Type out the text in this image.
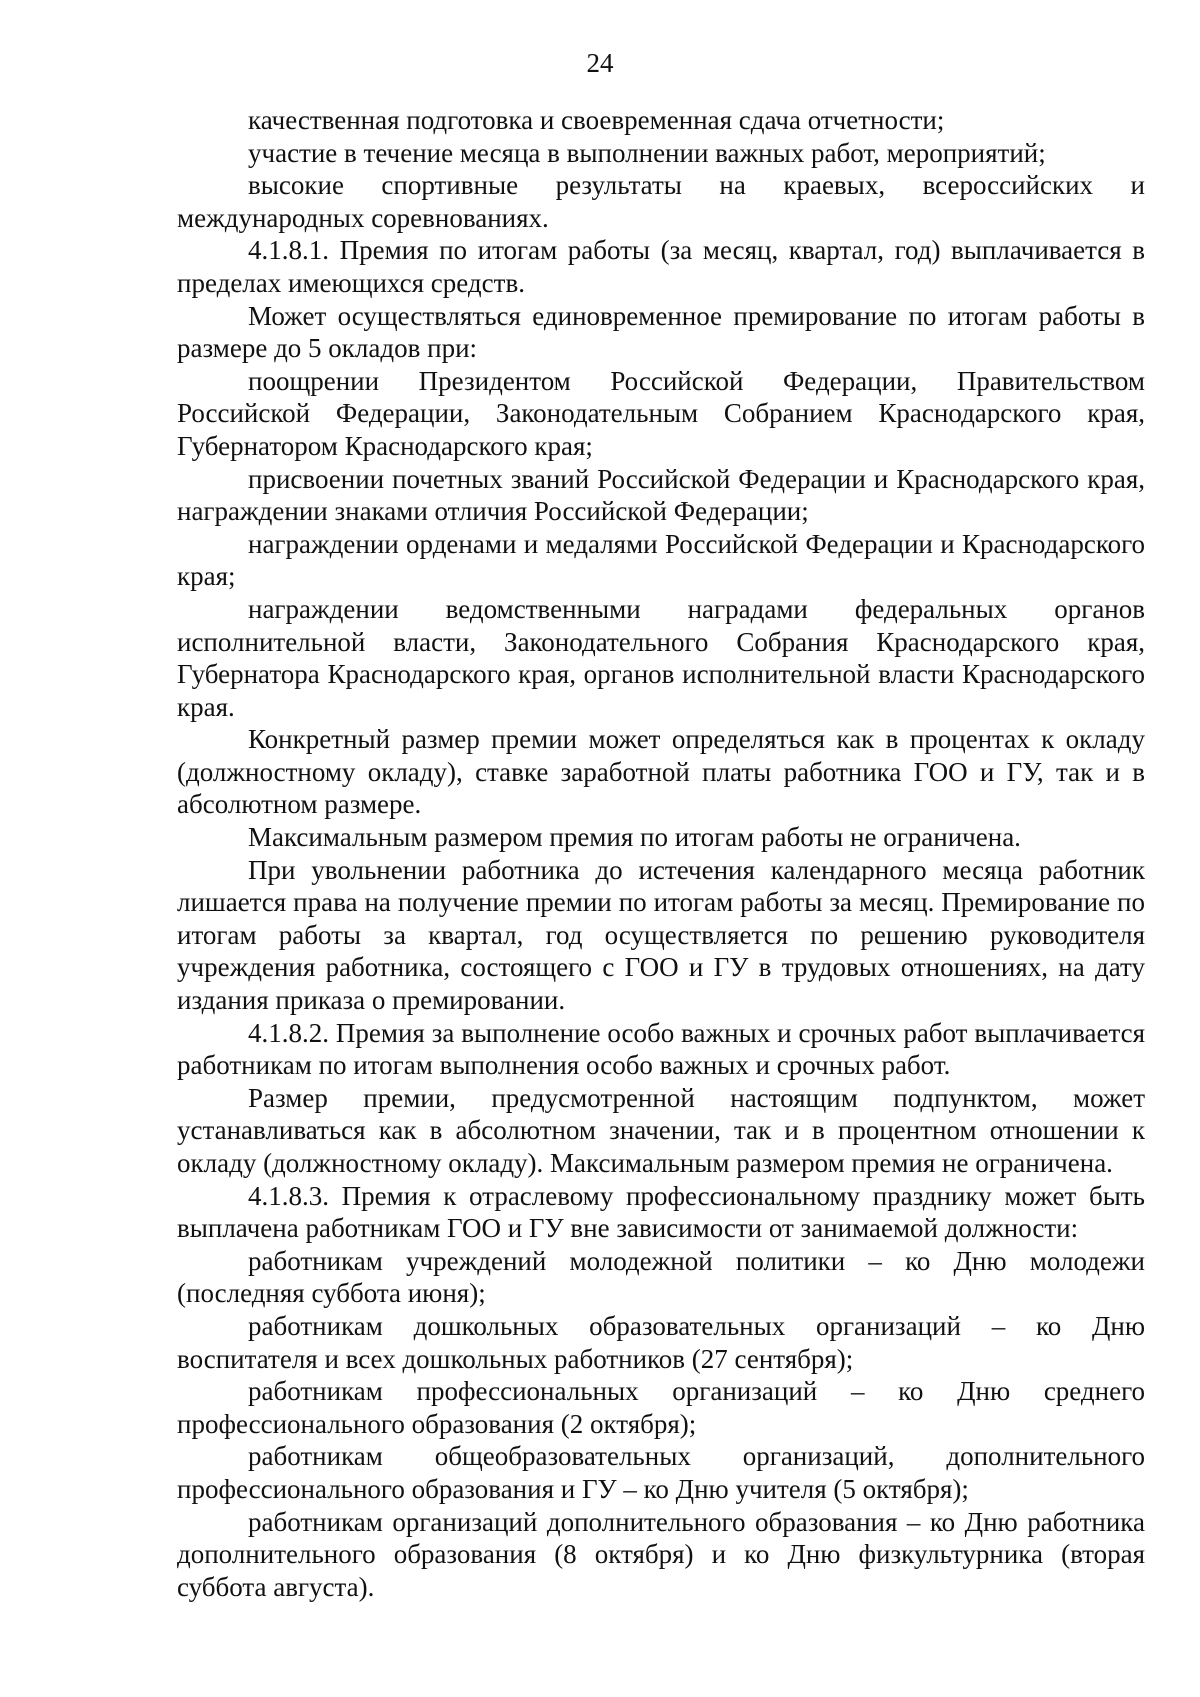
24

качественная подготовка и своевременная сдача отчетности;

участие в течение месяца в выполнении важных работ, мероприятий;

высокие спортивные результаты на краевых, всероссийских и международных соревнованиях.

4.1.8.1. Премия по итогам работы (за месяц, квартал, год) выплачивается в пределах имеющихся средств.

Может осуществляться единовременное премирование по итогам работы в размере до 5 окладов при:

поощрении Президентом Российской Федерации, Правительством Российской Федерации, Законодательным Собранием Краснодарского края, Губернатором Краснодарского края;

присвоении почетных званий Российской Федерации и Краснодарского края, награждении знаками отличия Российской Федерации;

награждении орденами и медалями Российской Федерации и Краснодарского края;

награждении ведомственными наградами федеральных органов исполнительной власти, Законодательного Собрания Краснодарского края, Губернатора Краснодарского края, органов исполнительной власти Краснодарского края.

Конкретный размер премии может определяться как в процентах к окладу (должностному окладу), ставке заработной платы работника ГОО и ГУ, так и в абсолютном размере.

Максимальным размером премия по итогам работы не ограничена.

При увольнении работника до истечения календарного месяца работник лишается права на получение премии по итогам работы за месяц. Премирование по итогам работы за квартал, год осуществляется по решению руководителя учреждения работника, состоящего с ГОО и ГУ в трудовых отношениях, на дату издания приказа о премировании.

4.1.8.2. Премия за выполнение особо важных и срочных работ выплачивается работникам по итогам выполнения особо важных и срочных работ.

Размер премии, предусмотренной настоящим подпунктом, может устанавливаться как в абсолютном значении, так и в процентном отношении к окладу (должностному окладу). Максимальным размером премия не ограничена.

4.1.8.3. Премия к отраслевому профессиональному празднику может быть выплачена работникам ГОО и ГУ вне зависимости от занимаемой должности:

работникам учреждений молодежной политики – ко Дню молодежи (последняя суббота июня);

работникам дошкольных образовательных организаций – ко Дню воспитателя и всех дошкольных работников (27 сентября);

работникам профессиональных организаций – ко Дню среднего профессионального образования (2 октября);

работникам общеобразовательных организаций, дополнительного профессионального образования и ГУ – ко Дню учителя (5 октября);

работникам организаций дополнительного образования – ко Дню работника дополнительного образования (8 октября) и ко Дню физкультурника (вторая суббота августа).
